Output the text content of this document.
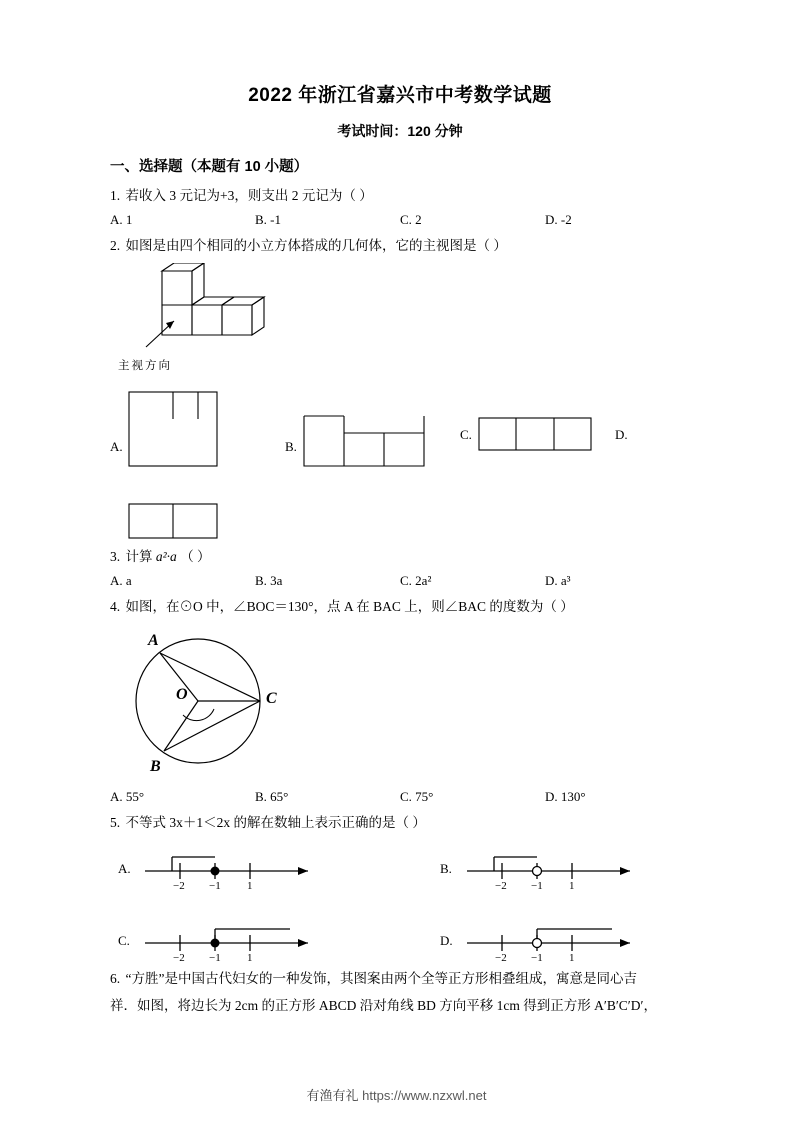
2022 年浙江省嘉兴市中考数学试题
考试时间：120 分钟
一、选择题（本题有 10 小题）
1. 若收入 3 元记为+3，则支出 2 元记为（ ）
A. 1	B. -1	C. 2	D. -2
2. 如图是由四个相同的小立方体搭成的几何体，它的主视图是（ ）
主视方向
A.	B.
C.	D.
3. 计算 a²·a （ ）
A. a	B. 3a	C. 2a²	D. a³
4. 如图，在⊙O 中，∠BOC＝130°，点 A 在 BAC 上，则∠BAC 的度数为（ ）
A
O	C
B
A. 55°	B. 65°	C. 75°	D. 130°
5. 不等式 3x＋1＜2x 的解在数轴上表示正确的是（ ）
A.
−2 −1 1
B.
−2 −1 1
C.
−2 −1 1
D.
−2 −1 1
6. “方胜”是中国古代妇女的一种发饰，其图案由两个全等正方形相叠组成，寓意是同心吉
祥．如图，将边长为 2cm 的正方形 ABCD 沿对角线 BD 方向平移 1cm 得到正方形 A′B′C′D′，
有渔有礼 https://www.nzxwl.net
